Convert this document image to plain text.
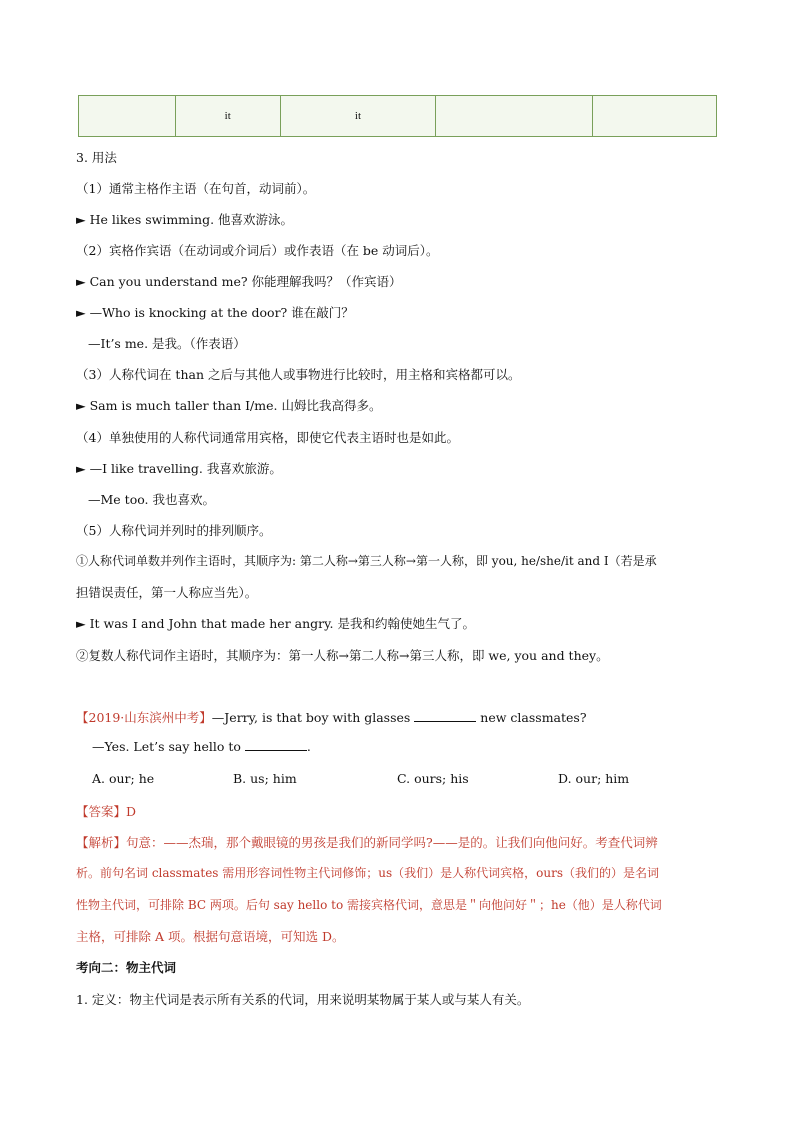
	it	it		
3. 用法
（1）通常主格作主语（在句首，动词前）。
► He likes swimming. 他喜欢游泳。
（2）宾格作宾语（在动词或介词后）或作表语（在 be 动词后）。
► Can you understand me? 你能理解我吗？（作宾语）
► —Who is knocking at the door? 谁在敲门？
—It’s me. 是我。（作表语）
（3）人称代词在 than 之后与其他人或事物进行比较时，用主格和宾格都可以。
► Sam is much taller than I/me. 山姆比我高得多。
（4）单独使用的人称代词通常用宾格，即使它代表主语时也是如此。
► —I like travelling. 我喜欢旅游。
—Me too. 我也喜欢。
（5）人称代词并列时的排列顺序。
①人称代词单数并列作主语时，其顺序为: 第二人称→第三人称→第一人称，即 you, he/she/it and I（若是承
担错误责任，第一人称应当先）。
► It was I and John that made her angry. 是我和约翰使她生气了。
②复数人称代词作主语时，其顺序为：第一人称→第二人称→第三人称，即 we, you and they。
【2019·山东滨州中考】—Jerry, is that boy with glasses	new classmates?
—Yes. Let’s say hello to	.
A. our; he	B. us; him	C. ours; his	D. our; him
【答案】D
【解析】句意：——杰瑞，那个戴眼镜的男孩是我们的新同学吗?——是的。让我们向他问好。考查代词辨
析。前句名词 classmates 需用形容词性物主代词修饰；us（我们）是人称代词宾格，ours（我们的）是名词
性物主代词，可排除 BC 两项。后句 say hello to 需接宾格代词，意思是＂向他问好＂；he（他）是人称代词
主格，可排除 A 项。根据句意语境，可知选 D。
考向二：物主代词
1. 定义：物主代词是表示所有关系的代词，用来说明某物属于某人或与某人有关。
